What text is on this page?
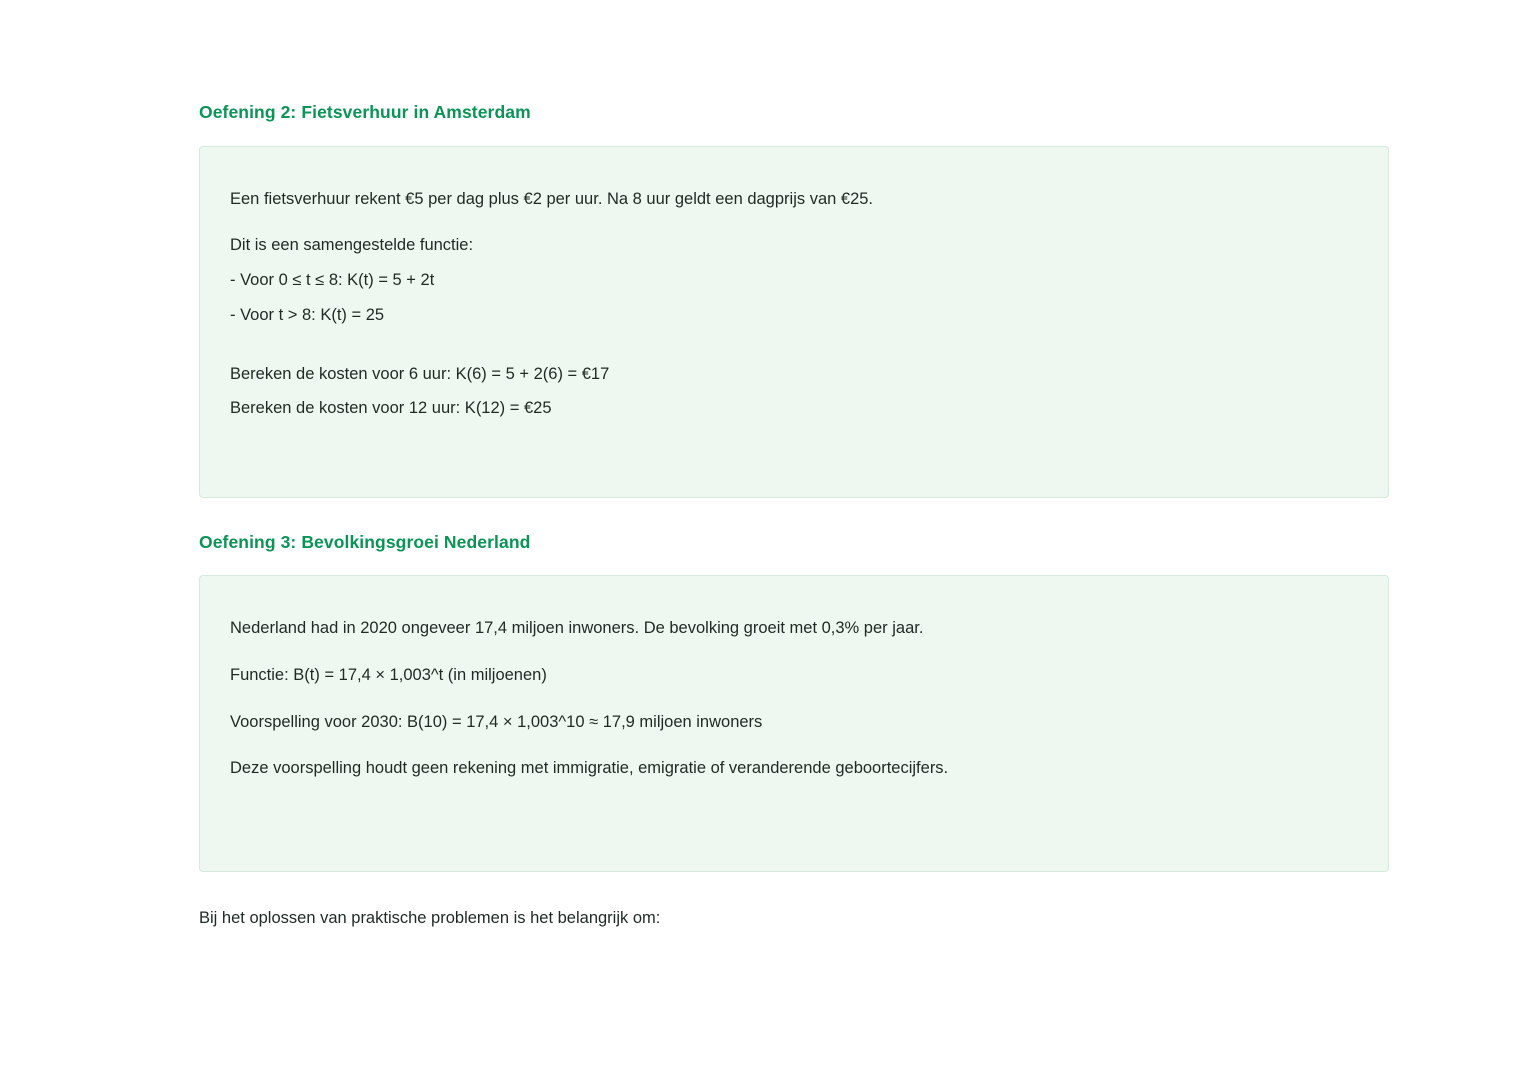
Oefening 2: Fietsverhuur in Amsterdam

Een fietsverhuur rekent €5 per dag plus €2 per uur. Na 8 uur geldt een dagprijs van €25.

Dit is een samengestelde functie:

- Voor 0 ≤ t ≤ 8: K(t) = 5 + 2t

- Voor t > 8: K(t) = 25

Bereken de kosten voor 6 uur: K(6) = 5 + 2(6) = €17

Bereken de kosten voor 12 uur: K(12) = €25

Oefening 3: Bevolkingsgroei Nederland

Nederland had in 2020 ongeveer 17,4 miljoen inwoners. De bevolking groeit met 0,3% per jaar.

Functie: B(t) = 17,4 × 1,003^t (in miljoenen)

Voorspelling voor 2030: B(10) = 17,4 × 1,003^10 ≈ 17,9 miljoen inwoners

Deze voorspelling houdt geen rekening met immigratie, emigratie of veranderende geboortecijfers.

Bij het oplossen van praktische problemen is het belangrijk om:
